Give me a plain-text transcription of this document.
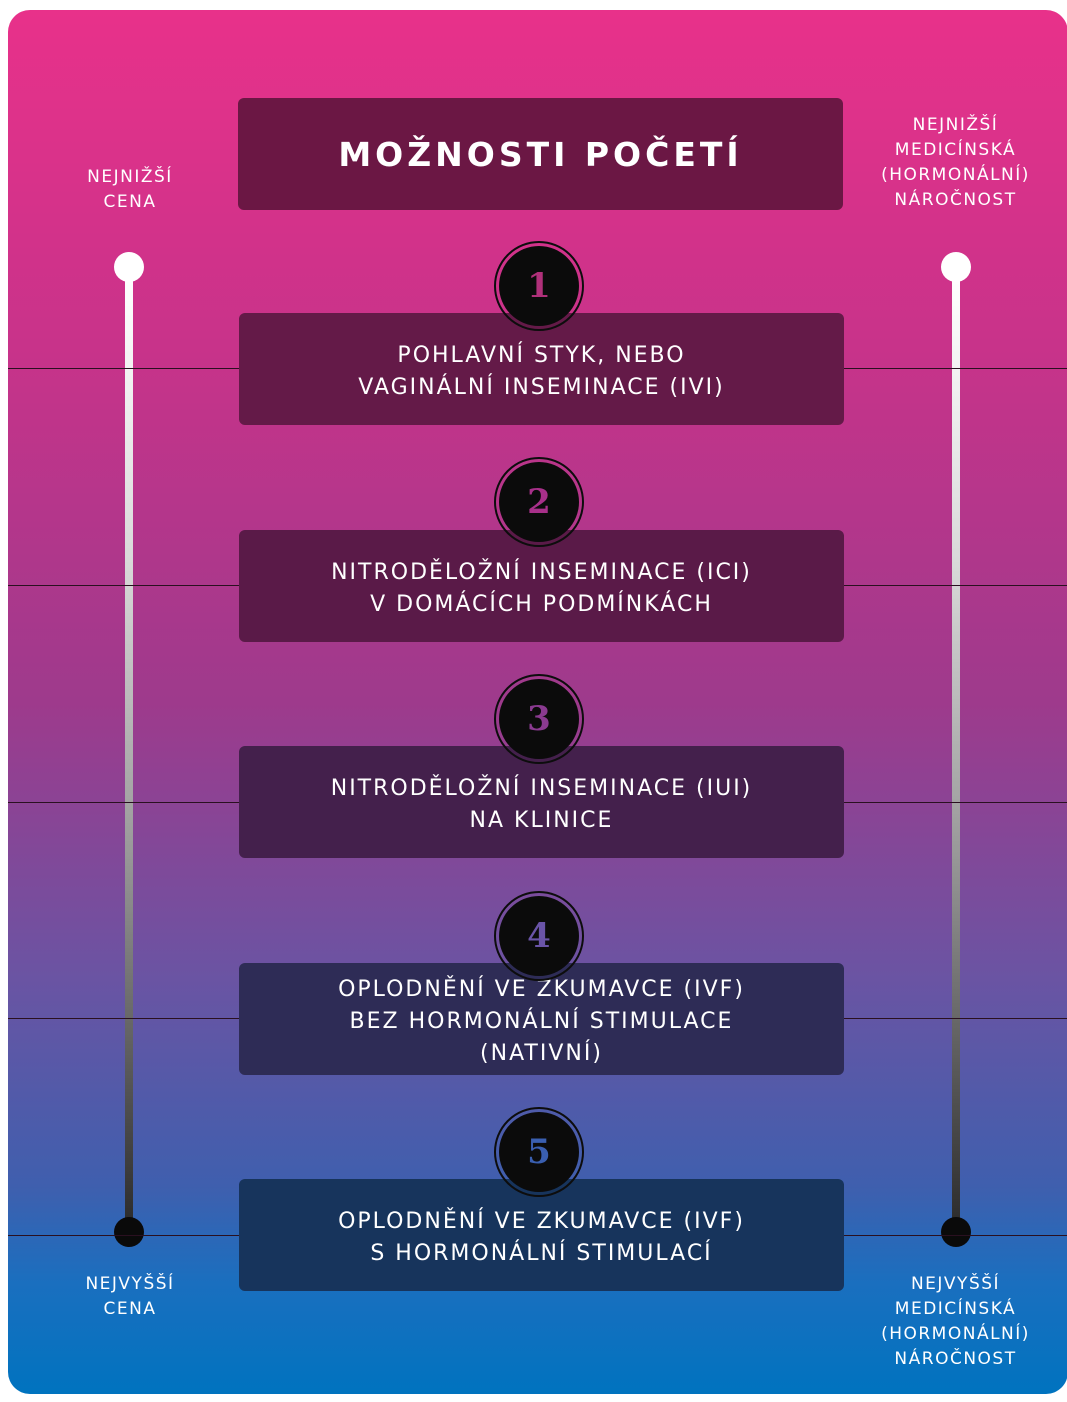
MOŽNOSTI POČETÍ
NEJNIŽŠÍ
CENA
NEJVYŠŠÍ
CENA
NEJNIŽŠÍ
MEDICÍNSKÁ
(HORMONÁLNÍ)
NÁROČNOST
NEJVYŠŠÍ
MEDICÍNSKÁ
(HORMONÁLNÍ)
NÁROČNOST
POHLAVNÍ STYK, NEBO
VAGINÁLNÍ INSEMINACE (IVI)
1
NITRODĚLOŽNÍ INSEMINACE (ICI)
V DOMÁCÍCH PODMÍNKÁCH
2
NITRODĚLOŽNÍ INSEMINACE (IUI)
NA KLINICE
3
OPLODNĚNÍ VE ZKUMAVCE (IVF)
BEZ HORMONÁLNÍ STIMULACE
(NATIVNÍ)
4
OPLODNĚNÍ VE ZKUMAVCE (IVF)
S HORMONÁLNÍ STIMULACÍ
5
